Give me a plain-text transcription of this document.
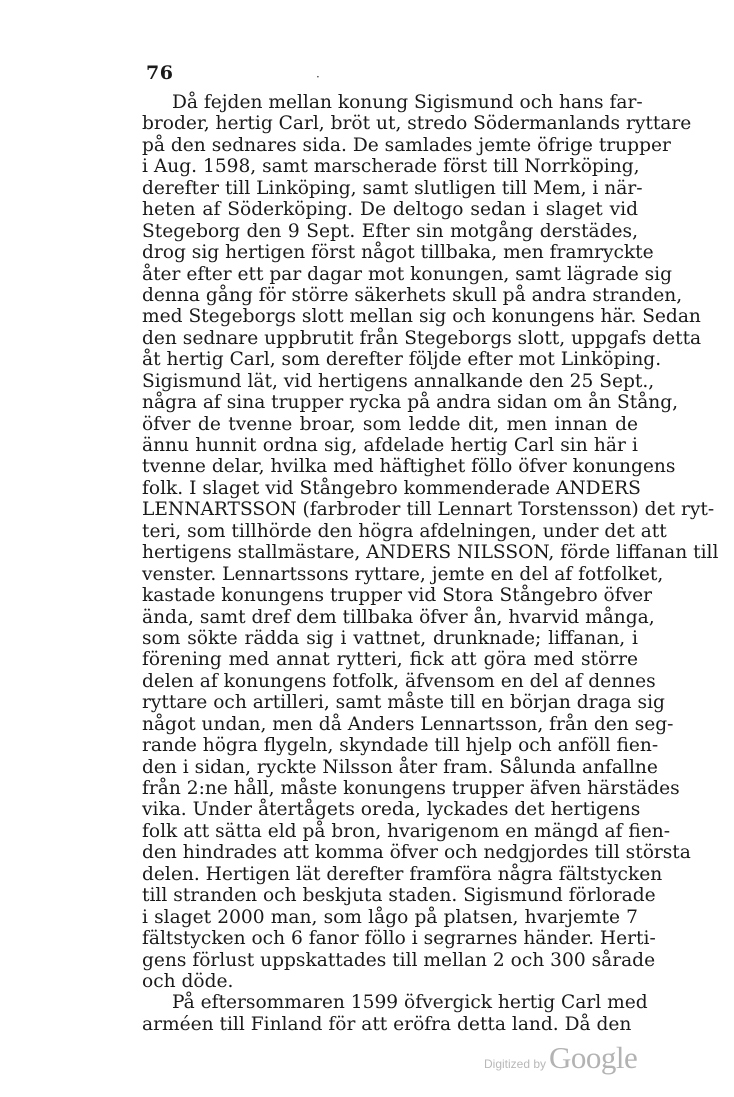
76	·
Då fejden mellan konung Sigismund och hans far-
broder, hertig Carl, bröt ut, stredo Södermanlands ryttare
på den sednares sida. De samlades jemte öfrige trupper
i Aug. 1598, samt marscherade först till Norrköping,
derefter till Linköping, samt slutligen till Mem, i när-
heten af Söderköping. De deltogo sedan i slaget vid
Stegeborg den 9 Sept. Efter sin motgång derstädes,
drog sig hertigen först något tillbaka, men framryckte
åter efter ett par dagar mot konungen, samt lägrade sig
denna gång för större säkerhets skull på andra stranden,
med Stegeborgs slott mellan sig och konungens här. Sedan
den sednare uppbrutit från Stegeborgs slott, uppgafs detta
åt hertig Carl, som derefter följde efter mot Linköping.
Sigismund lät, vid hertigens annalkande den 25 Sept.,
några af sina trupper rycka på andra sidan om ån Stång,
öfver de tvenne broar, som ledde dit, men innan de
ännu hunnit ordna sig, afdelade hertig Carl sin här i
tvenne delar, hvilka med häftighet föllo öfver konungens
folk. I slaget vid Stångebro kommenderade ANDERS
LENNARTSSON (farbroder till Lennart Torstensson) det ryt-
teri, som tillhörde den högra afdelningen, under det att
hertigens stallmästare, ANDERS NILSSON, förde liffanan till
venster. Lennartssons ryttare, jemte en del af fotfolket,
kastade konungens trupper vid Stora Stångebro öfver
ända, samt dref dem tillbaka öfver ån, hvarvid många,
som sökte rädda sig i vattnet, drunknade; liffanan, i
förening med annat rytteri, fick att göra med större
delen af konungens fotfolk, äfvensom en del af dennes
ryttare och artilleri, samt måste till en början draga sig
något undan, men då Anders Lennartsson, från den seg-
rande högra flygeln, skyndade till hjelp och anföll fien-
den i sidan, ryckte Nilsson åter fram. Sålunda anfallne
från 2:ne håll, måste konungens trupper äfven härstädes
vika. Under återtågets oreda, lyckades det hertigens
folk att sätta eld på bron, hvarigenom en mängd af fien-
den hindrades att komma öfver och nedgjordes till största
delen. Hertigen lät derefter framföra några fältstycken
till stranden och beskjuta staden. Sigismund förlorade
i slaget 2000 man, som lågo på platsen, hvarjemte 7
fältstycken och 6 fanor föllo i segrarnes händer. Herti-
gens förlust uppskattades till mellan 2 och 300 sårade
och döde.
På eftersommaren 1599 öfvergick hertig Carl med
arméen till Finland för att eröfra detta land. Då den
Digitized by Google
